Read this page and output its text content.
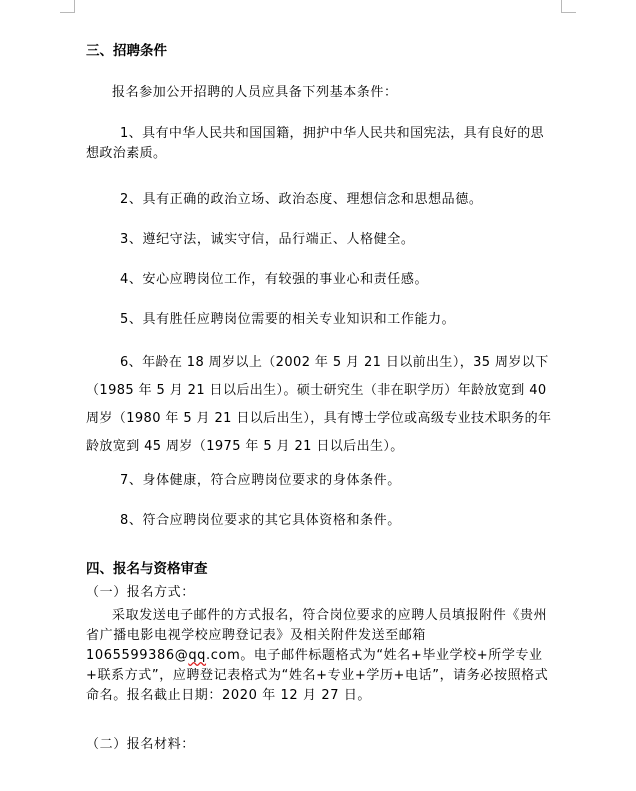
三、招聘条件

报名参加公开招聘的人员应具备下列基本条件：

1、具有中华人民共和国国籍，拥护中华人民共和国宪法，具有良好的思想政治素质。

2、具有正确的政治立场、政治态度、理想信念和思想品德。

3、遵纪守法，诚实守信，品行端正、人格健全。

4、安心应聘岗位工作，有较强的事业心和责任感。

5、具有胜任应聘岗位需要的相关专业知识和工作能力。

6、年龄在 18 周岁以上（2002 年 5 月 21 日以前出生），35 周岁以下（1985 年 5 月 21 日以后出生）。硕士研究生（非在职学历）年龄放宽到 40 周岁（1980 年 5 月 21 日以后出生），具有博士学位或高级专业技术职务的年龄放宽到 45 周岁（1975 年 5 月 21 日以后出生）。

7、身体健康，符合应聘岗位要求的身体条件。

8、符合应聘岗位要求的其它具体资格和条件。

四、报名与资格审查

（一）报名方式：

采取发送电子邮件的方式报名，符合岗位要求的应聘人员填报附件《贵州省广播电影电视学校应聘登记表》及相关附件发送至邮箱 1065599386@qq.com。电子邮件标题格式为“姓名+毕业学校+所学专业+联系方式”，应聘登记表格式为“姓名+专业+学历+电话”，请务必按照格式命名。报名截止日期：2020 年 12 月 27 日。

（二）报名材料：
